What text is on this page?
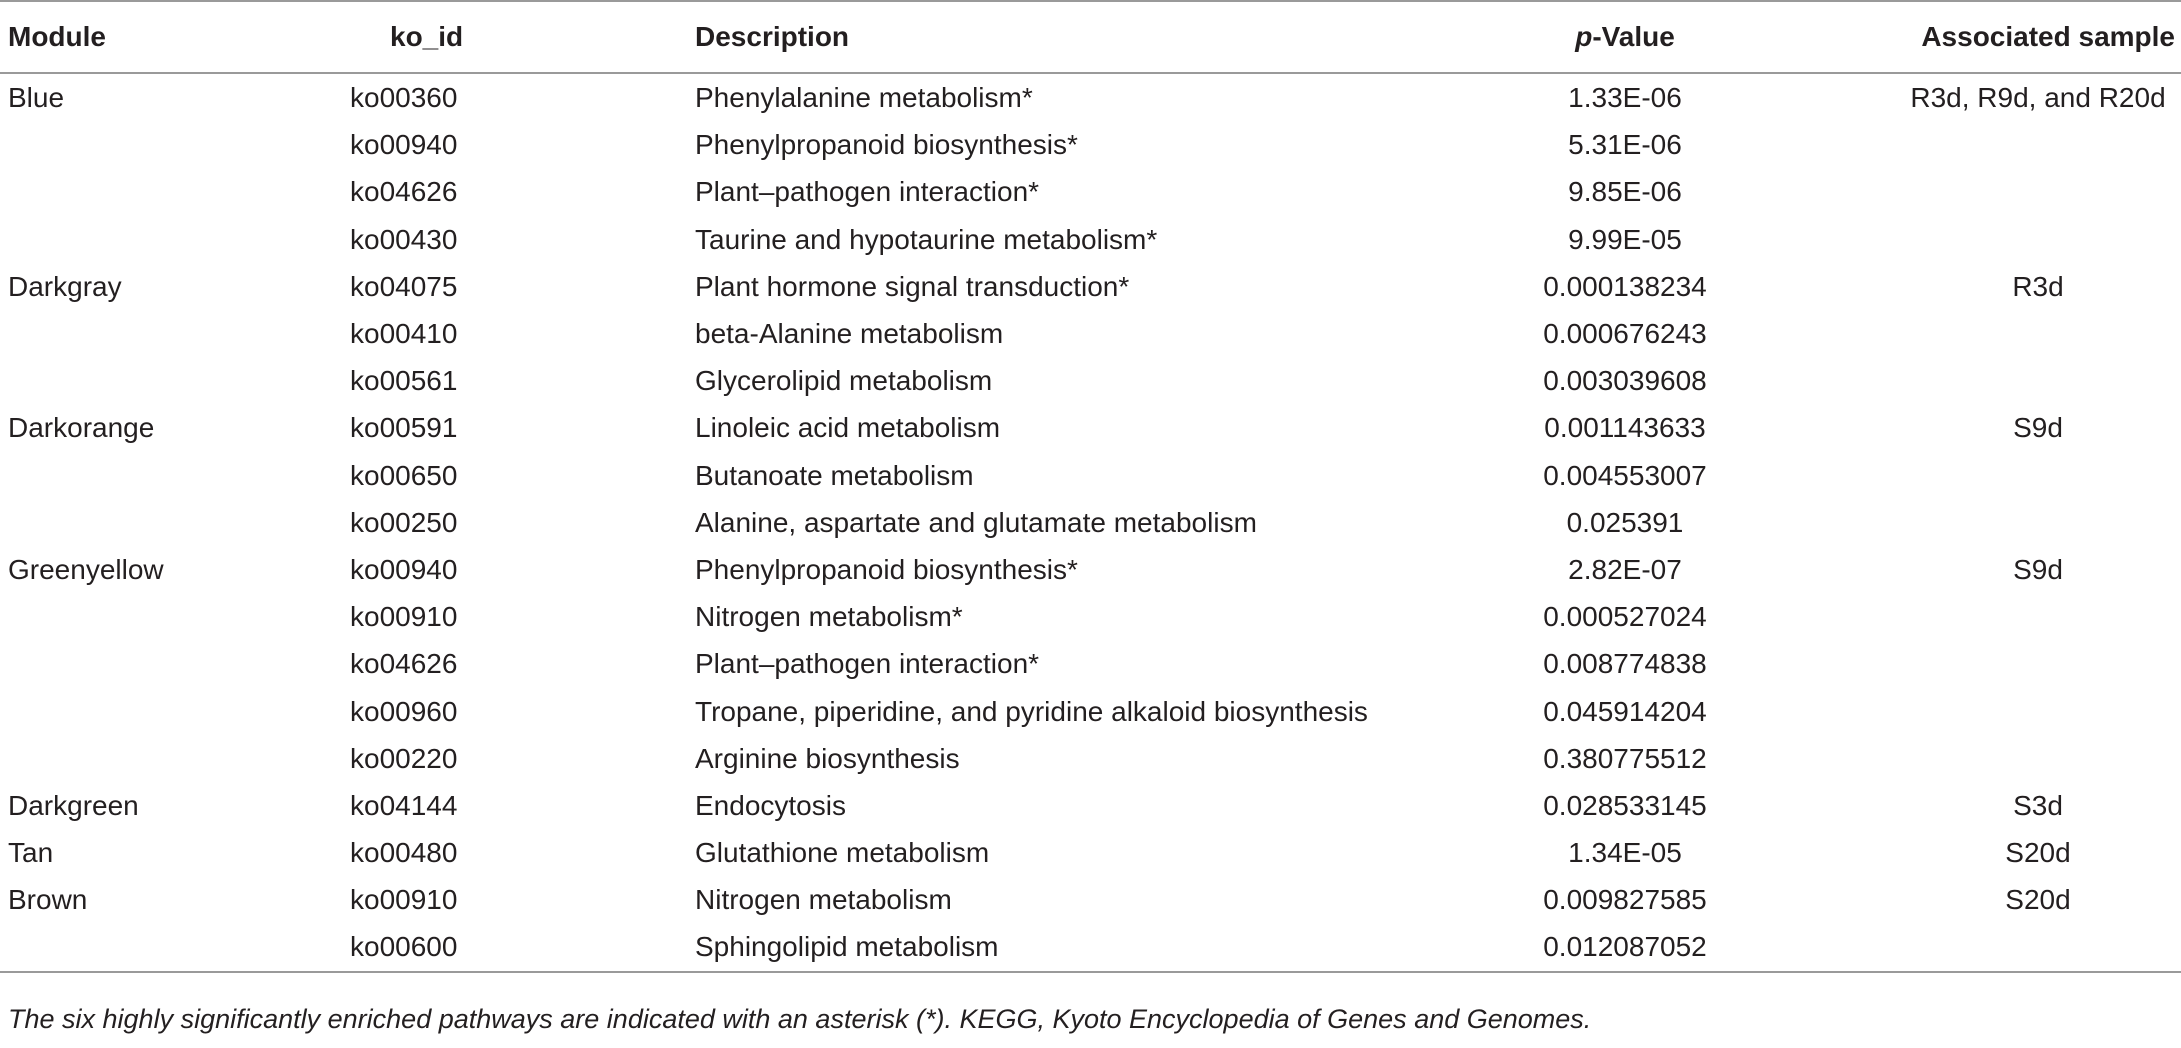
Module	ko_id	Description	p-Value	Associated sample
Blue	ko00360	Phenylalanine metabolism*	1.33E-06	R3d, R9d, and R20d
	ko00940	Phenylpropanoid biosynthesis*	5.31E-06	
	ko04626	Plant–pathogen interaction*	9.85E-06	
	ko00430	Taurine and hypotaurine metabolism*	9.99E-05	
Darkgray	ko04075	Plant hormone signal transduction*	0.000138234	R3d
	ko00410	beta-Alanine metabolism	0.000676243	
	ko00561	Glycerolipid metabolism	0.003039608	
Darkorange	ko00591	Linoleic acid metabolism	0.001143633	S9d
	ko00650	Butanoate metabolism	0.004553007	
	ko00250	Alanine, aspartate and glutamate metabolism	0.025391	
Greenyellow	ko00940	Phenylpropanoid biosynthesis*	2.82E-07	S9d
	ko00910	Nitrogen metabolism*	0.000527024	
	ko04626	Plant–pathogen interaction*	0.008774838	
	ko00960	Tropane, piperidine, and pyridine alkaloid biosynthesis	0.045914204	
	ko00220	Arginine biosynthesis	0.380775512	
Darkgreen	ko04144	Endocytosis	0.028533145	S3d
Tan	ko00480	Glutathione metabolism	1.34E-05	S20d
Brown	ko00910	Nitrogen metabolism	0.009827585	S20d
	ko00600	Sphingolipid metabolism	0.012087052	
The six highly significantly enriched pathways are indicated with an asterisk (*). KEGG, Kyoto Encyclopedia of Genes and Genomes.
